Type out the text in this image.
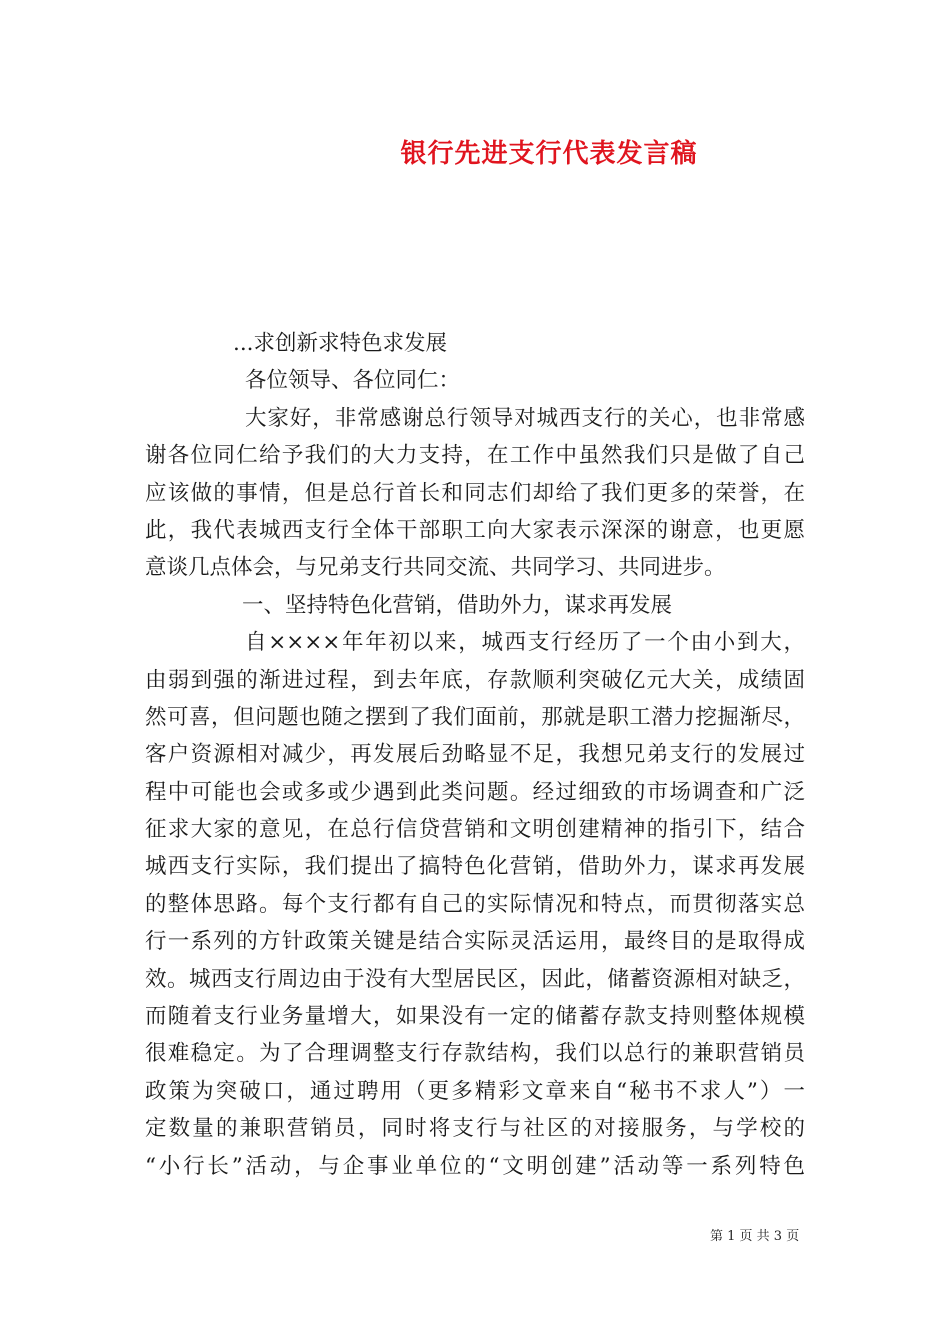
银行先进支行代表发言稿
...求创新求特色求发展
各位领导、各位同仁：
大家好，非常感谢总行领导对城西支行的关心，也非常感
谢各位同仁给予我们的大力支持，在工作中虽然我们只是做了自己
应该做的事情，但是总行首长和同志们却给了我们更多的荣誉，在
此，我代表城西支行全体干部职工向大家表示深深的谢意，也更愿
意谈几点体会，与兄弟支行共同交流、共同学习、共同进步。
一、坚持特色化营销，借助外力，谋求再发展
自××××年年初以来，城西支行经历了一个由小到大，
由弱到强的渐进过程，到去年底，存款顺利突破亿元大关，成绩固
然可喜，但问题也随之摆到了我们面前，那就是职工潜力挖掘渐尽，
客户资源相对减少，再发展后劲略显不足，我想兄弟支行的发展过
程中可能也会或多或少遇到此类问题。经过细致的市场调查和广泛
征求大家的意见，在总行信贷营销和文明创建精神的指引下，结合
城西支行实际，我们提出了搞特色化营销，借助外力，谋求再发展
的整体思路。每个支行都有自己的实际情况和特点，而贯彻落实总
行一系列的方针政策关键是结合实际灵活运用，最终目的是取得成
效。城西支行周边由于没有大型居民区，因此，储蓄资源相对缺乏，
而随着支行业务量增大，如果没有一定的储蓄存款支持则整体规模
很难稳定。为了合理调整支行存款结构，我们以总行的兼职营销员
政策为突破口，通过聘用（更多精彩文章来自“秘书不求人”）一
定数量的兼职营销员，同时将支行与社区的对接服务，与学校的
“小行长”活动，与企事业单位的“文明创建”活动等一系列特色
第 1 页 共 3 页
